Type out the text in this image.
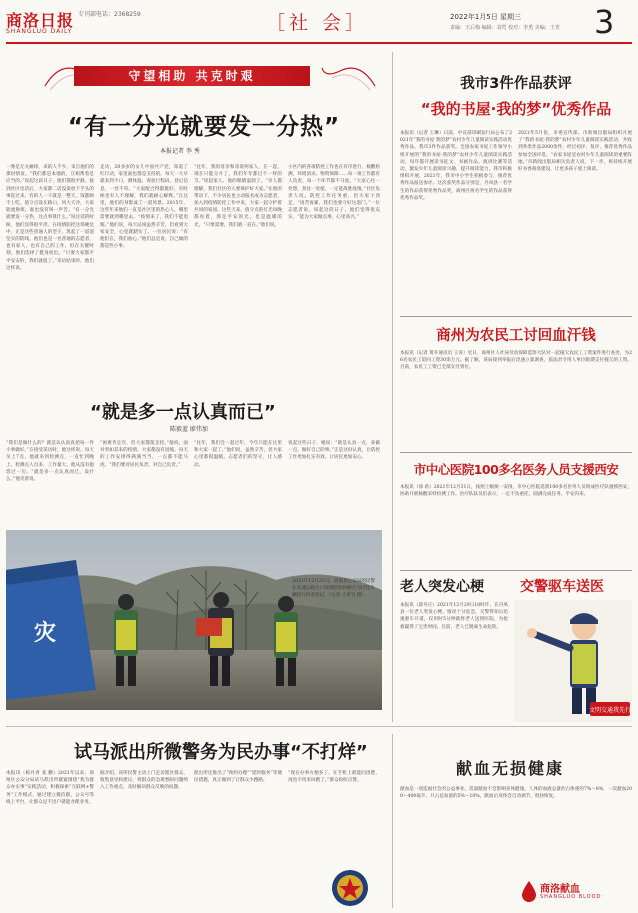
商洛日报
SHANGLUO DAILY
专刊部电话：2368259	［社 会］	2022年1月5日 星期三
责编：王后梅 编辑：刘莺 校对：李勇 美编：王青 3
守望相助 共克时艰
“有一分光就要发一分热”
本报记者 李 秀
一像是无关痛痒，来的人不少，来自他们的那份情谊。“我们都是本地的，互相帮着是应当的。”说起这段日子，他们都很平静。接到社区电话后，大家都二话没说放下手头的事赶过来。有的人一干就是一整天，饭都顾不上吃。值守点设在路口，风大天冷，大家轮流换班，谁也没有叫一声苦。“有一分光就要发一分热，这点事算什么。”说这话的时候，他们显得很平淡。在疫情防控这场硬仗中，正是这些普通人的坚守，筑起了一道道坚实的防线。他们也是一名普通的志愿者，也有家人，也有自己的工作，但在关键时刻，他们选择了挺身而出。“只要大家都平平安安的，我们就值了。”采访结束时，他们这样说。
走访，20多岁的女儿中国共产党，知道了红行动，家里面也都是支持的。每天一大早就来到卡口，测体温、查验行程码、登记信息，一丝不苟。“大家配合得都挺好，有时候也有人不理解，我们就耐心解释。”在这里，他们的身影成了一道风景。2015年，这些年来他们一直是社区里的热心人，哪里需要就到哪里去。“疫情来了，我们不能退缩。”他们说，每天站岗虽然辛苦，但看到大家安全，心里就踏实了。一位居民说：“有他们在，我们放心。”他们总是说，自己做的都是些小事。
“往年，我的母亲和哥哥两家人，在一起，现在只能分开了，我们年年都过不一样的节。”说起家人，他的眼睛湿润了。“亲人都理解，我们社区的人要保护好大家。”在他的带动下，不少居民也主动报名成为志愿者，加入到疫情防控工作中来，大家一起守护着共同的家园。这些天来，值守点的灯光每晚都亮着，那是平安的光，也是温暖的光。“只要需要，我们就一直在。”他们说。
小区内的各项防控工作也在有序进行，核酸检测、环境消杀、物资保障……每一项工作都有人负责，每一个环节都不马虎。“大家心往一处想，劲往一处使，一定能战胜疫情。”社区负责人说。防控工作任务重，但大家干劲足，“再苦再累，我们也要守好这道门。”一位志愿者说。说起这段日子，他们觉得很充实。“能为大家做点事，心里高兴。”
“就是多一点认真而已”
陈毅蓝 廖伟加
“我们是做什么的？就是认认真真把每一件小事做好。”在接受采访时，他这样说。每天早上7点，他就来到检测点，一直忙到晚上。检测点人员多，工作量大，他从没有抱怨过一句。“就是多一点认真而已，没什么。”他笑着说。
“困难肯定有，但大家都很支持。”他说，面对突如其来的疫情，大家都没有退缩。每天的工作安排得满满当当，一点都不能马虎。“我们要对居民负责，对自己负责。”
“往年，我们会一起过年，今年只能在这里和大家一起了。”他们说，虽然辛苦，但大家心里都很温暖。志愿者们的坚守，让人感动。
说起这些日子，她说：“就是认真一点，多做一点，做好自己的事。”正是这份认真，让防控工作更加扎实有效，让居民更加安心。
灾
2021年12月31日，洛南县公安局的民警在高速公路出口疫情防控执勤点为过往车辆进行检查登记。（记者 王青竹 摄）
我市3件作品获评
“我的书屋·我的梦”优秀作品
本报讯（记者 王琳）日前，中宣部印刷发行局公布了2021年“我的书屋·我的梦”农村少年儿童阅读实践活动优秀作品，我市3件作品获奖。全国农家书屋工作领导小组开展的“我的书屋·我的梦”农村少年儿童阅读实践活动，每年都开展读书征文、书画作品、演讲比赛等活动，激发少年儿童阅读兴趣，提升阅读能力。我市积极组织开展，2021年，我市中小学生积极参与，推荐优秀作品报送参评。这次获奖作品分别是，丹凤县一名学生的作品获得优秀作品奖，商州区两名学生的作品获得优秀作品奖。
2021年5月份，市委宣传部、市新闻出版局组织开展了“我的书屋·我的梦”农村少年儿童阅读实践活动，共收到各类作品2000余件，经过初评、复评，推荐优秀作品参加全国评选。“农家书屋是农村少年儿童阅读的重要阵地。”市新闻出版局相关负责人说，下一步，将持续开展好书香商洛建设，让更多孩子爱上阅读。
商州为农民工讨回血汗钱
本报讯（记者 黄升通讯员 王涛）近日，商州区人社局劳动保障监察大队对一起拖欠农民工工资案件进行查处，为26名农民工追回工资30余万元。据了解，该局接到举报后迅速立案调查，依法责令用人单位限期支付拖欠的工资。目前，农民工工资已全部支付到位。
市中心医院100多名医务人员支援西安
本报讯（徐 希）2021年12月31日，按照上级统一安排，市中心医院选派100多名医务人员组成医疗队驰援西安，协助开展核酸采样检测工作。医疗队队员们表示，一定不负重托，圆满完成任务，平安归来。
老人突发心梗	交警驱车送医
本报讯（薛丹正）2021年12月29日10时许，在丹凤县一位老人突发心梗，情况十分危急，交警得知后迅速驱车开道，仅用时5分钟就将老人送到医院，为抢救赢得了宝贵时间。目前，老人已脱离生命危险。
文明交通我先行
试马派出所微警务为民办事“不打烊”
本报讯（杨丹青 张 鹏）2021年以来，商州区公安分局试马派出所紧紧围绕“我为群众办实事”实践活动，积极探索“互联网+警务”工作模式，通过建立微信群、公众号等线上平台，让群众足不出户就能办理业务。
据介绍，该所民警主动上门走访辖区群众，收集意见和建议，将群众的急难愁盼问题纳入工作重点，及时解决群众反映的问题。
派出所还推出了“预约办理”“延时服务”等便民措施，真正做到了让群众少跑路。
“现在办事方便多了，在手机上就能问清楚，再也不用来回跑了。”群众纷纷点赞。
献血无损健康
献血是一项造福社会的公益事业。适量献血不会影响身体健康，人体的血液总量约占体重的7%～8%，一次献血200～400毫升，只占总血量的5%～10%，献血后身体会自动调节，很快恢复。
商洛献血
SHANGLUO BLOOD
